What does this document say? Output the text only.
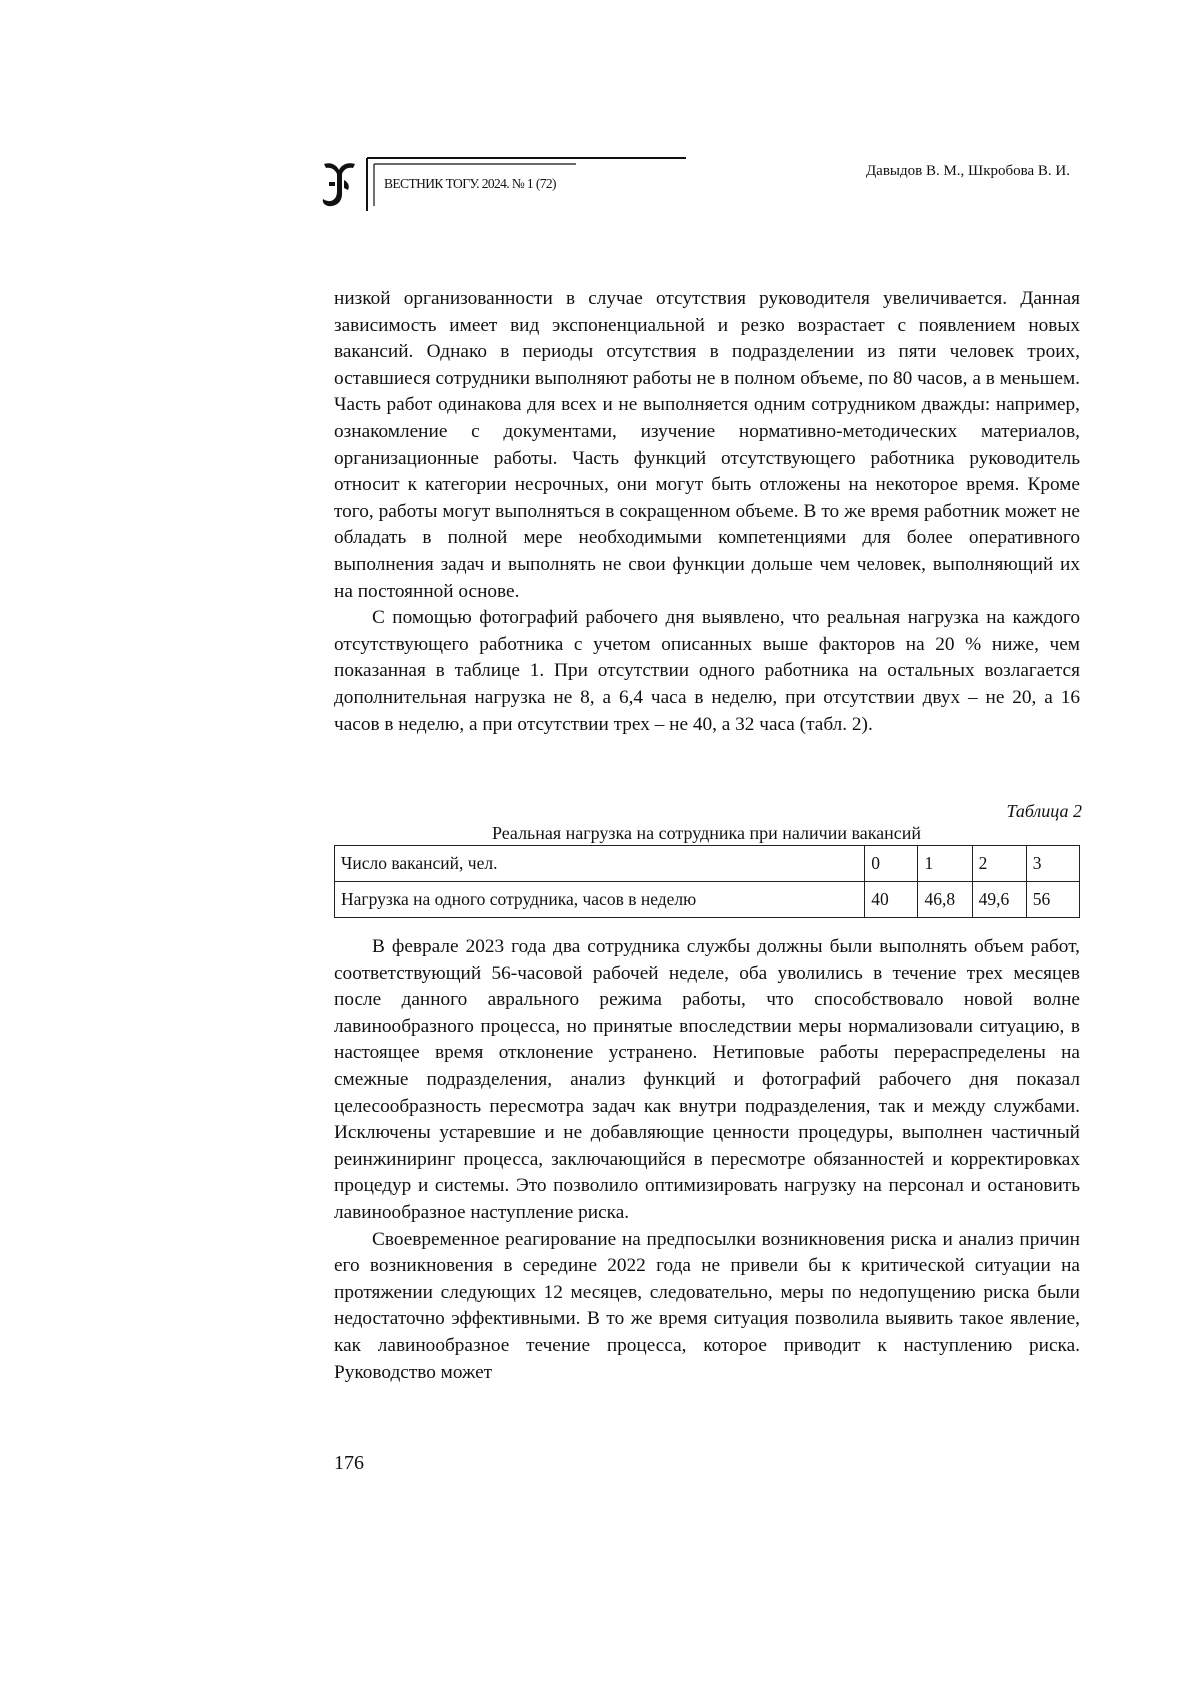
ВЕСТНИК ТОГУ. 2024. № 1 (72)
Давыдов В. М., Шкробова В. И.

низкой организованности в случае отсутствия руководителя увеличивается. Данная зависимость имеет вид экспоненциальной и резко возрастает с появлением новых вакансий. Однако в периоды отсутствия в подразделении из пяти человек троих, оставшиеся сотрудники выполняют работы не в полном объеме, по 80 часов, а в меньшем. Часть работ одинакова для всех и не выполняется одним сотрудником дважды: например, ознакомление с документами, изучение нормативно-методических материалов, организационные работы. Часть функций отсутствующего работника руководитель относит к категории несрочных, они могут быть отложены на некоторое время. Кроме того, работы могут выполняться в сокращенном объеме. В то же время работник может не обладать в полной мере необходимыми компетенциями для более оперативного выполнения задач и выполнять не свои функции дольше чем человек, выполняющий их на постоянной основе.

С помощью фотографий рабочего дня выявлено, что реальная нагрузка на каждого отсутствующего работника с учетом описанных выше факторов на 20 % ниже, чем показанная в таблице 1. При отсутствии одного работника на остальных возлагается дополнительная нагрузка не 8, а 6,4 часа в неделю, при отсутствии двух – не 20, а 16 часов в неделю, а при отсутствии трех – не 40, а 32 часа (табл. 2).

Таблица 2
Реальная нагрузка на сотрудника при наличии вакансий
Число вакансий, чел.	0	1	2	3
Нагрузка на одного сотрудника, часов в неделю	40	46,8	49,6	56

В феврале 2023 года два сотрудника службы должны были выполнять объем работ, соответствующий 56-часовой рабочей неделе, оба уволились в течение трех месяцев после данного аврального режима работы, что способствовало новой волне лавинообразного процесса, но принятые впоследствии меры нормализовали ситуацию, в настоящее время отклонение устранено. Нетиповые работы перераспределены на смежные подразделения, анализ функций и фотографий рабочего дня показал целесообразность пересмотра задач как внутри подразделения, так и между службами. Исключены устаревшие и не добавляющие ценности процедуры, выполнен частичный реинжиниринг процесса, заключающийся в пересмотре обязанностей и корректировках процедур и системы. Это позволило оптимизировать нагрузку на персонал и остановить лавинообразное наступление риска.

Своевременное реагирование на предпосылки возникновения риска и анализ причин его возникновения в середине 2022 года не привели бы к критической ситуации на протяжении следующих 12 месяцев, следовательно, меры по недопущению риска были недостаточно эффективными. В то же время ситуация позволила выявить такое явление, как лавинообразное течение процесса, которое приводит к наступлению риска. Руководство может

176
